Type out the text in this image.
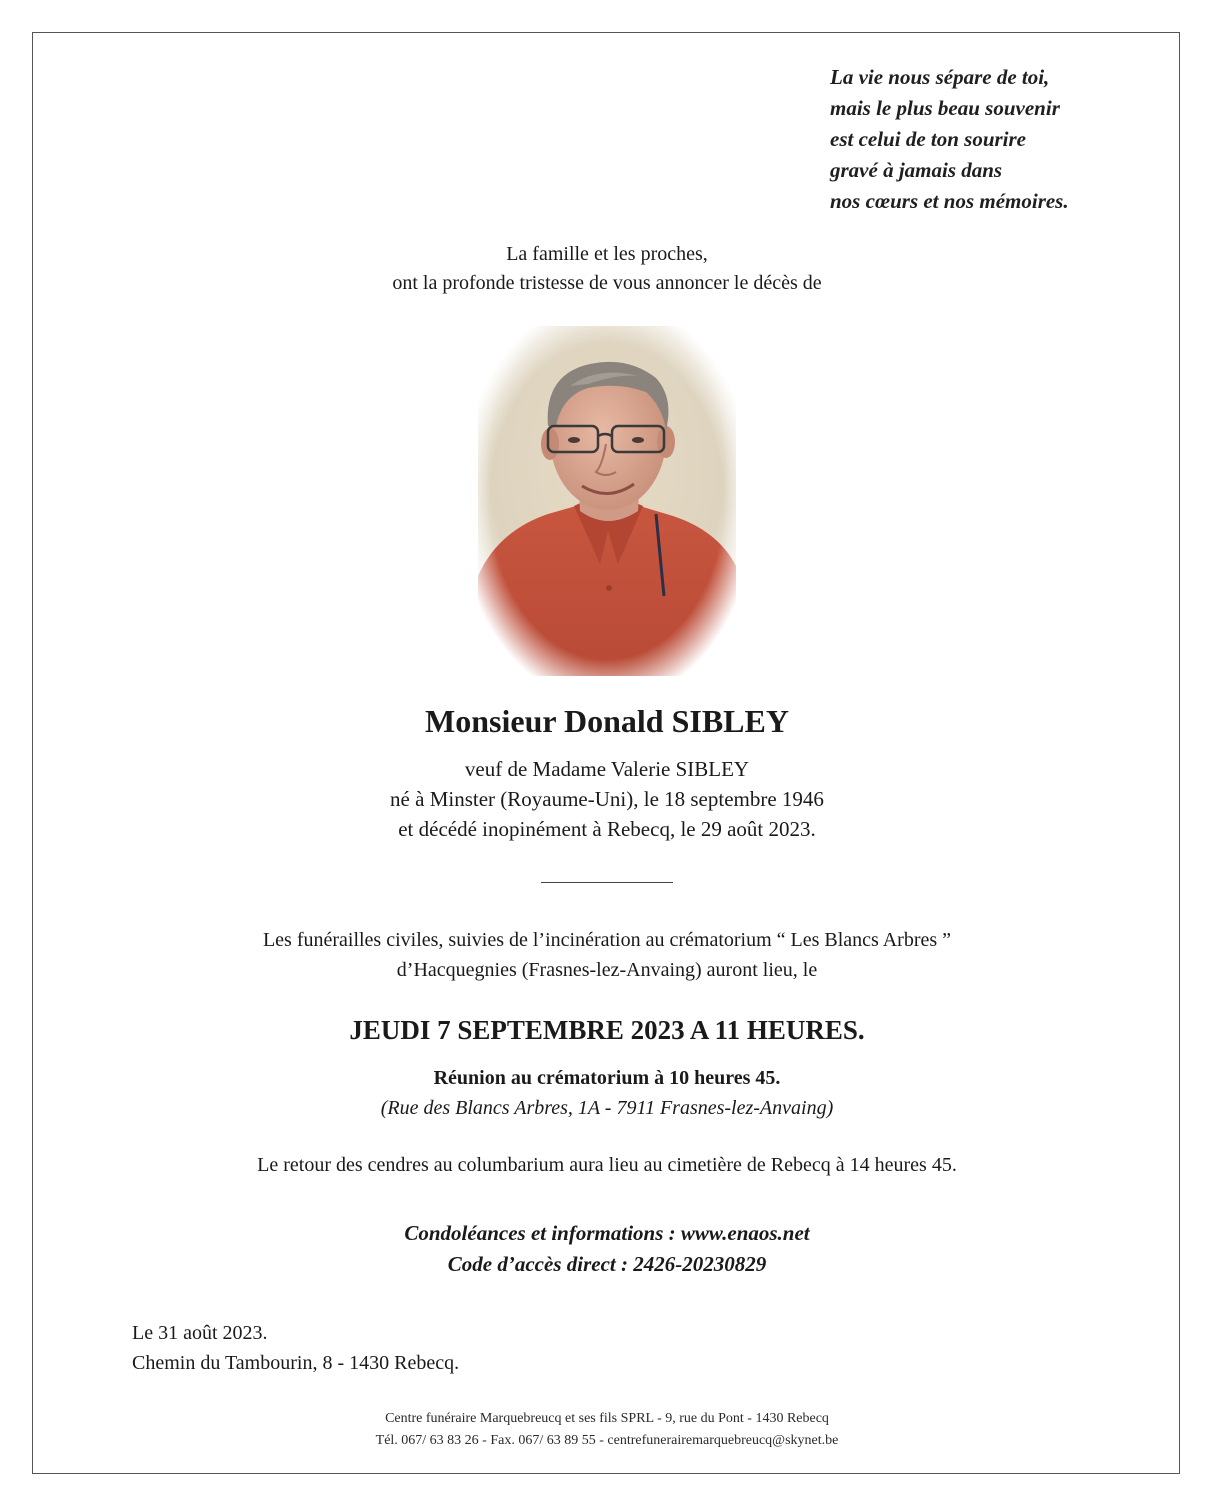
La vie nous sépare de toi,
mais le plus beau souvenir
est celui de ton sourire
gravé à jamais dans
nos cœurs et nos mémoires.
La famille et les proches,
ont la profonde tristesse de vous annoncer le décès de
Monsieur Donald SIBLEY
veuf de Madame Valerie SIBLEY
né à Minster (Royaume-Uni), le 18 septembre 1946
et décédé inopinément à Rebecq, le 29 août 2023.
Les funérailles civiles, suivies de l’incinération au crématorium “ Les Blancs Arbres ”
d’Hacquegnies (Frasnes-lez-Anvaing) auront lieu, le
JEUDI 7 SEPTEMBRE 2023 A 11 HEURES.
Réunion au crématorium à 10 heures 45.
(Rue des Blancs Arbres, 1A - 7911 Frasnes-lez-Anvaing)
Le retour des cendres au columbarium aura lieu au cimetière de Rebecq à 14 heures 45.
Condoléances et informations : www.enaos.net
Code d’accès direct : 2426-20230829
Le 31 août 2023.
Chemin du Tambourin, 8 - 1430 Rebecq.
Centre funéraire Marquebreucq et ses fils SPRL - 9, rue du Pont - 1430 Rebecq
Tél. 067/ 63 83 26 - Fax. 067/ 63 89 55 - centrefunerairemarquebreucq@skynet.be
